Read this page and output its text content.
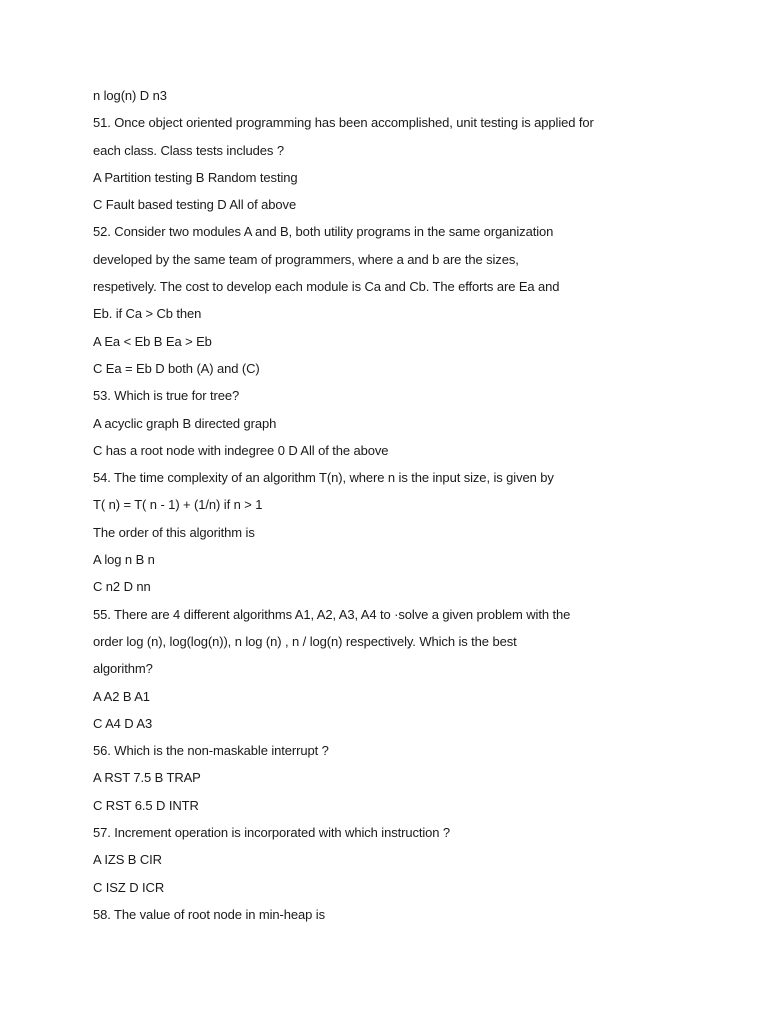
n log(n) D n3
51. Once object oriented programming has been accomplished, unit testing is applied for
each class. Class tests includes ?
A Partition testing B Random testing
C Fault based testing D All of above
52. Consider two modules A and B, both utility programs in the same organization
developed by the same team of programmers, where a and b are the sizes,
respetively. The cost to develop each module is Ca and Cb. The efforts are Ea and
Eb. if Ca > Cb then
A Ea < Eb B Ea > Eb
C Ea = Eb D both (A) and (C)
53. Which is true for tree?
A acyclic graph B directed graph
C has a root node with indegree 0 D All of the above
54. The time complexity of an algorithm T(n), where n is the input size, is given by
T( n) = T( n - 1) + (1/n) if n > 1
The order of this algorithm is
A log n B n
C n2 D nn
55. There are 4 different algorithms A1, A2, A3, A4 to ·solve a given problem with the
order log (n), log(log(n)), n log (n) , n / log(n) respectively. Which is the best
algorithm?
A A2 B A1
C A4 D A3
56. Which is the non-maskable interrupt ?
A RST 7.5 B TRAP
C RST 6.5 D INTR
57. Increment operation is incorporated with which instruction ?
A IZS B CIR
C ISZ D ICR
58. The value of root node in min-heap is
